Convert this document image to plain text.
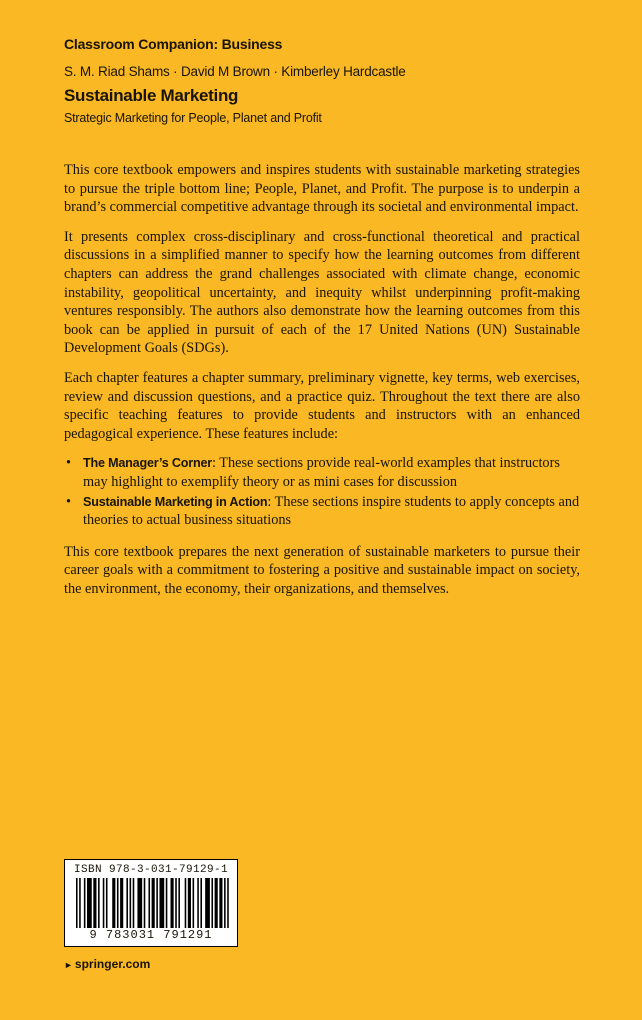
Classroom Companion: Business
S. M. Riad Shams · David M Brown · Kimberley Hardcastle
Sustainable Marketing
Strategic Marketing for People, Planet and Profit

This core textbook empowers and inspires students with sustainable marketing strategies to pursue the triple bottom line; People, Planet, and Profit. The purpose is to underpin a brand’s commercial competitive advantage through its societal and environmental impact.

It presents complex cross-disciplinary and cross-functional theoretical and practical discussions in a simplified manner to specify how the learning outcomes from different chapters can address the grand challenges associated with climate change, economic instability, geopolitical uncertainty, and inequity whilst underpinning profit-making ventures responsibly. The authors also demonstrate how the learning outcomes from this book can be applied in pursuit of each of the 17 United Nations (UN) Sustainable Development Goals (SDGs).

Each chapter features a chapter summary, preliminary vignette, key terms, web exercises, review and discussion questions, and a practice quiz. Throughout the text there are also specific teaching features to provide students and instructors with an enhanced pedagogical experience. These features include:

• The Manager’s Corner: These sections provide real-world examples that instructors may highlight to exemplify theory or as mini cases for discussion
• Sustainable Marketing in Action: These sections inspire students to apply concepts and theories to actual business situations

This core textbook prepares the next generation of sustainable marketers to pursue their career goals with a commitment to fostering a positive and sustainable impact on society, the environment, the economy, their organizations, and themselves.

ISBN 978-3-031-79129-1
9 783031 791291
► springer.com
